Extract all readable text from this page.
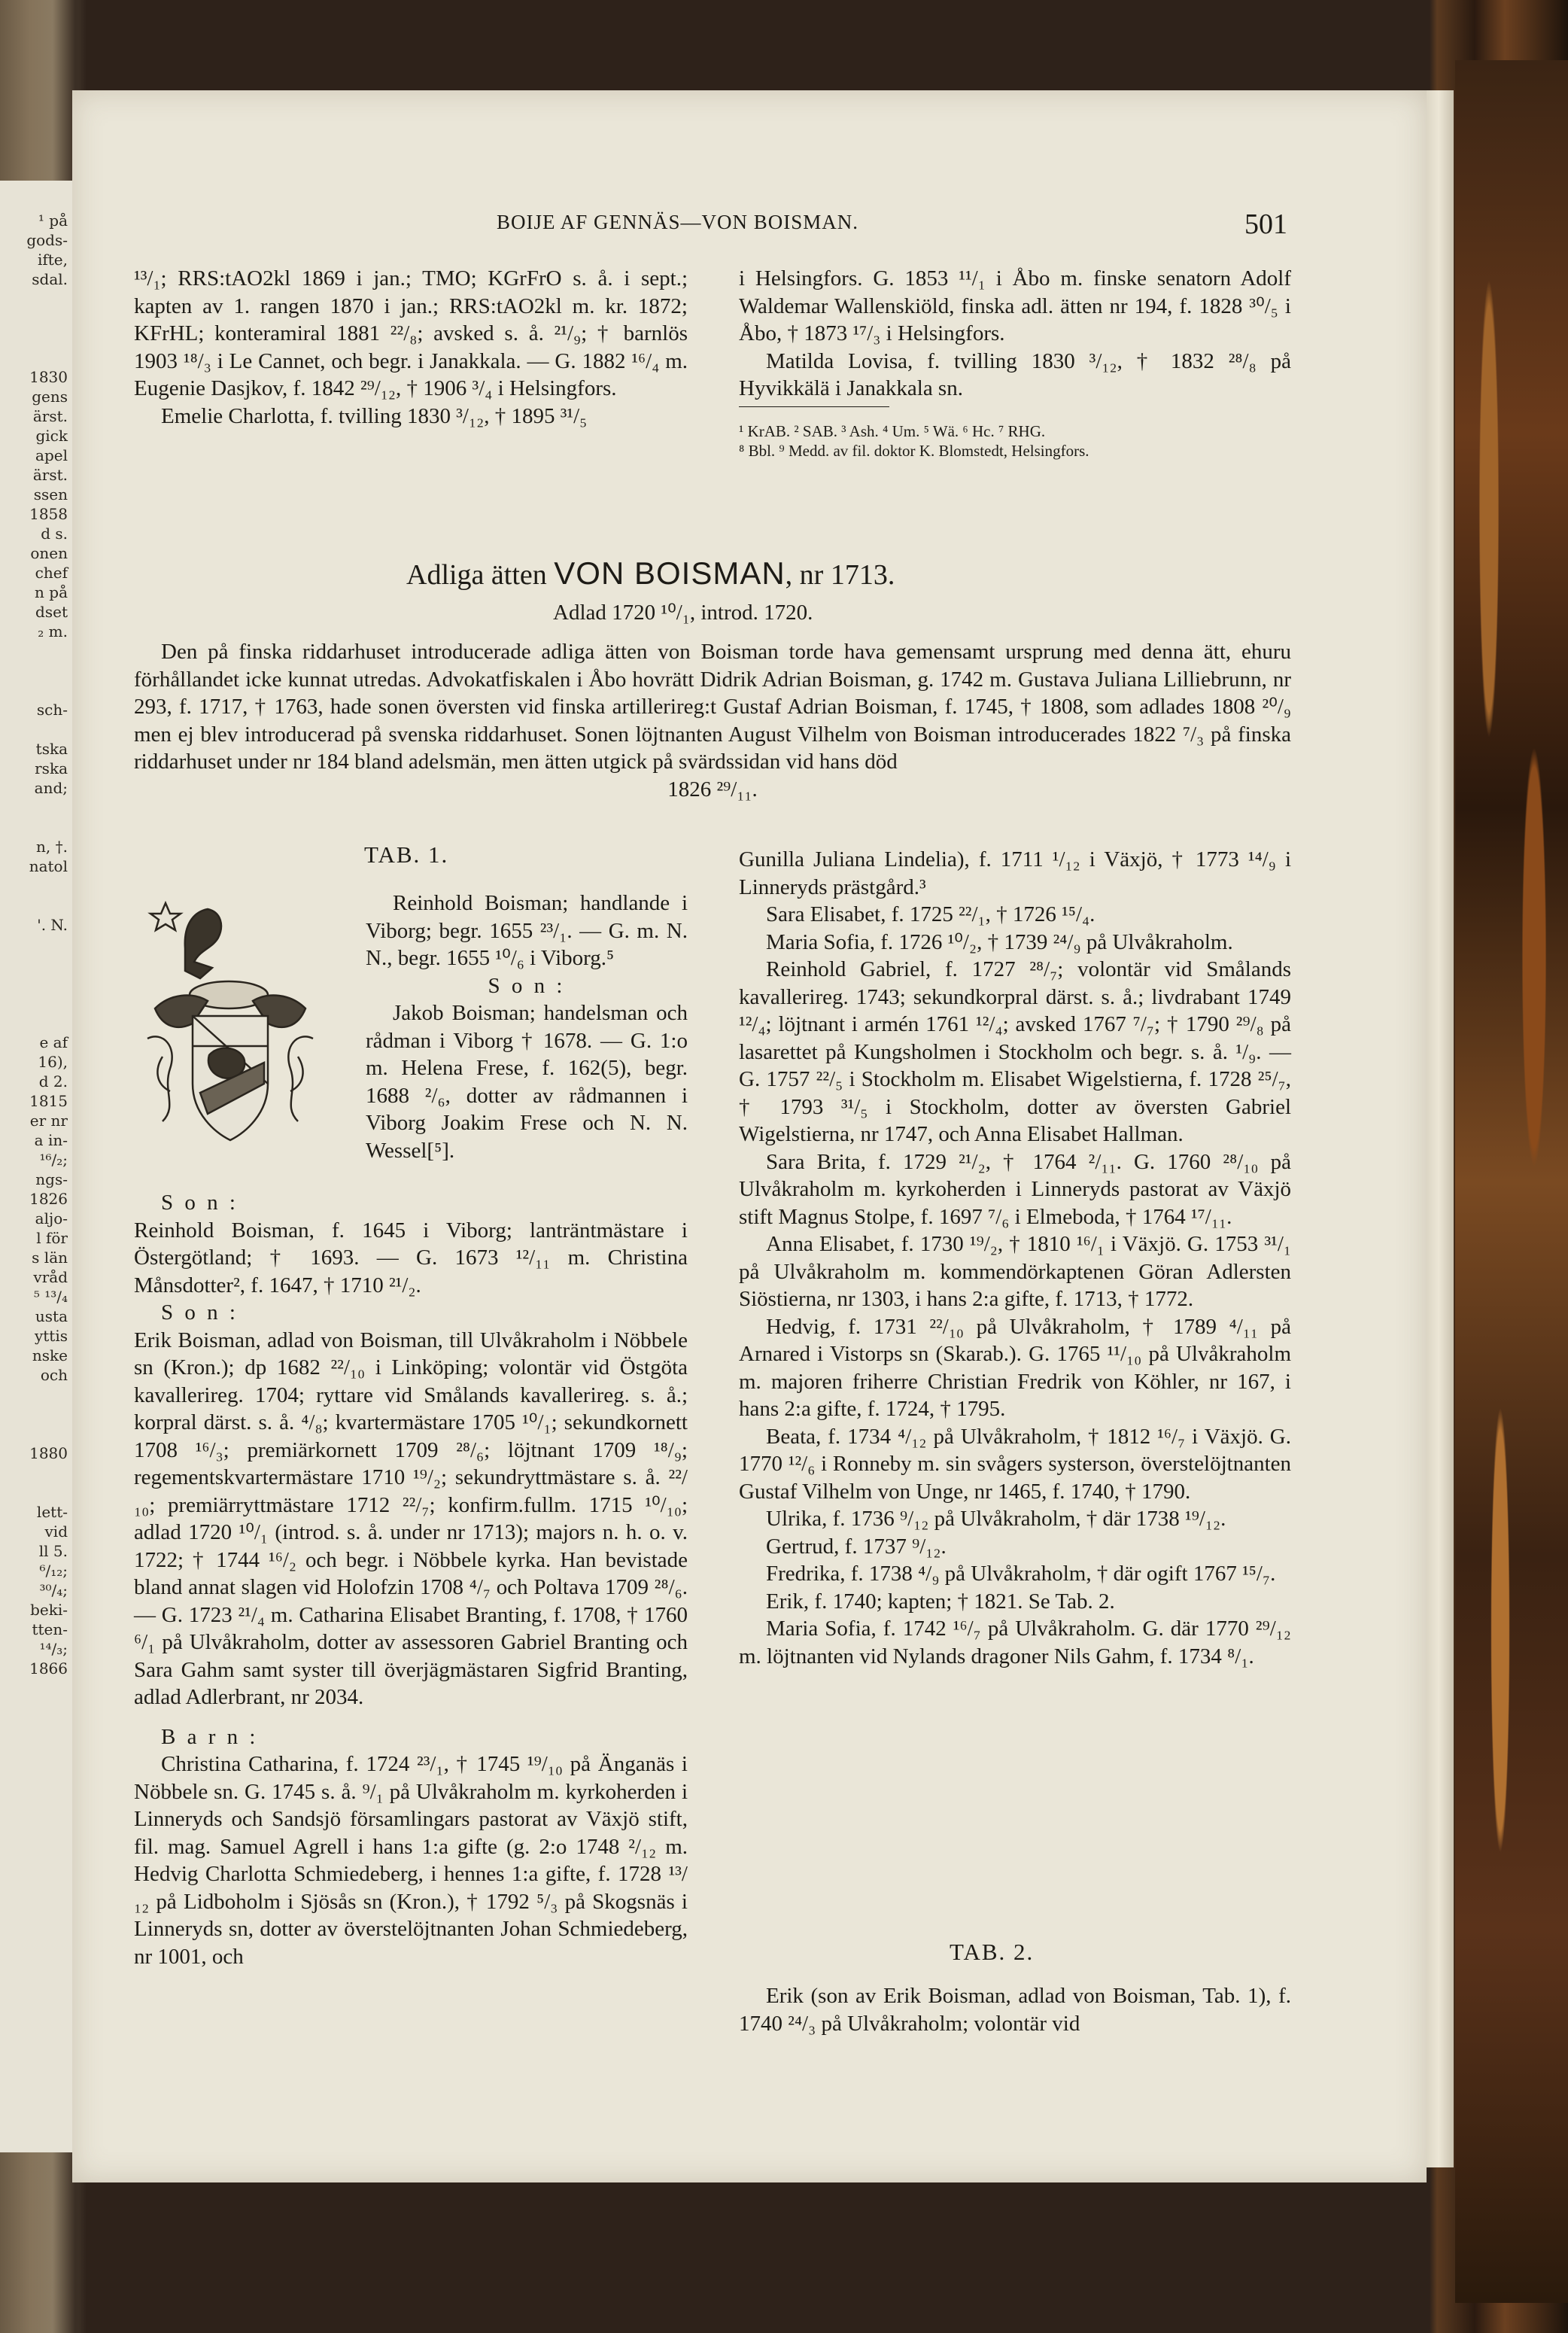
¹ på
gods-
ifte,
sdal.
1830
gens
ärst.
gick
apel
ärst.
ssen
1858
d s.
onen
chef
n på
dset
₂ m.
sch-
tska
rska
and;
n, †.
natol
'. N.
e af
16),
d 2.
1815
er nr
a in-
¹⁶/₂;
ngs-
1826
aljo-
l för
s län
vråd
⁵ ¹³/₄
usta
yttis
nske
och
1880
lett-
vid
ll 5.
⁶/₁₂;
³⁰/₄;
beki-
tten-
¹⁴/₃;
1866
BOIJE AF GENNÄS—VON BOISMAN.	501

¹³/₁; RRS:tAO2kl 1869 i jan.; TMO; KGrFrO s. å. i sept.; kapten av 1. rangen 1870 i jan.; RRS:tAO2kl m. kr. 1872; KFrHL; konteramiral 1881 ²²/₈; avsked s. å. ²¹/₉; † barnlös 1903 ¹⁸/₃ i Le Cannet, och begr. i Janakkala. — G. 1882 ¹⁶/₄ m. Eugenie Dasjkov, f. 1842 ²⁹/₁₂, † 1906 ³/₄ i Helsingfors.

Emelie Charlotta, f. tvilling 1830 ³/₁₂, † 1895 ³¹/₅

i Helsingfors. G. 1853 ¹¹/₁ i Åbo m. finske senatorn Adolf Waldemar Wallenskiöld, finska adl. ätten nr 194, f. 1828 ³⁰/₅ i Åbo, † 1873 ¹⁷/₃ i Helsingfors.

Matilda Lovisa, f. tvilling 1830 ³/₁₂, † 1832 ²⁸/₈ på Hyvikkälä i Janakkala sn.

¹ KrAB. ² SAB. ³ Ash. ⁴ Um. ⁵ Wä. ⁶ Hc. ⁷ RHG.
⁸ Bbl. ⁹ Medd. av fil. doktor K. Blomstedt, Helsingfors.
Adliga ätten VON BOISMAN, nr 1713.
Adlad 1720 ¹⁰/₁, introd. 1720.

Den på finska riddarhuset introducerade adliga ätten von Boisman torde hava gemensamt ursprung med denna ätt, ehuru förhållandet icke kunnat utredas. Advokatfiskalen i Åbo hovrätt Didrik Adrian Boisman, g. 1742 m. Gustava Juliana Lilliebrunn, nr 293, f. 1717, † 1763, hade sonen översten vid finska artillerireg:t Gustaf Adrian Boisman, f. 1745, † 1808, som adlades 1808 ²⁰/₉ men ej blev introducerad på svenska riddarhuset. Sonen löjtnanten August Vilhelm von Boisman introducerades 1822 ⁷/₃ på finska riddarhuset under nr 184 bland adelsmän, men ätten utgick på svärdssidan vid hans död

1826 ²⁹/₁₁.

TAB. 1.

Reinhold Boisman; handlande i Viborg; begr. 1655 ²³/₁. — G. m. N. N., begr. 1655 ¹⁰/₆ i Viborg.⁵

S o n :

Jakob Boisman; handelsman och rådman i Viborg † 1678. — G. 1:o m. Helena Frese, f. 162(5), begr. 1688 ²/₆, dotter av rådmannen i Viborg Joakim Frese och N. N. Wessel[⁵].

S o n :

Reinhold Boisman, f. 1645 i Viborg; lanträntmästare i Östergötland; † 1693. — G. 1673 ¹²/₁₁ m. Christina Månsdotter², f. 1647, † 1710 ²¹/₂.

S o n :

Erik Boisman, adlad von Boisman, till Ulvåkraholm i Nöbbele sn (Kron.); dp 1682 ²²/₁₀ i Linköping; volontär vid Östgöta kavallerireg. 1704; ryttare vid Smålands kavallerireg. s. å.; korpral därst. s. å. ⁴/₈; kvartermästare 1705 ¹⁰/₁; sekundkornett 1708 ¹⁶/₃; premiärkornett 1709 ²⁸/₆; löjtnant 1709 ¹⁸/₉; regementskvartermästare 1710 ¹⁹/₂; sekundryttmästare s. å. ²²/₁₀; premiärryttmästare 1712 ²²/₇; konfirm.fullm. 1715 ¹⁰/₁₀; adlad 1720 ¹⁰/₁ (introd. s. å. under nr 1713); majors n. h. o. v. 1722; † 1744 ¹⁶/₂ och begr. i Nöbbele kyrka. Han bevistade bland annat slagen vid Holofzin 1708 ⁴/₇ och Poltava 1709 ²⁸/₆. — G. 1723 ²¹/₄ m. Catharina Elisabet Branting, f. 1708, † 1760 ⁶/₁ på Ulvåkraholm, dotter av assessoren Gabriel Branting och Sara Gahm samt syster till överjägmästaren Sigfrid Branting, adlad Adlerbrant, nr 2034.

B a r n :

Christina Catharina, f. 1724 ²³/₁, † 1745 ¹⁹/₁₀ på Änganäs i Nöbbele sn. G. 1745 s. å. ⁹/₁ på Ulvåkraholm m. kyrkoherden i Linneryds och Sandsjö församlingars pastorat av Växjö stift, fil. mag. Samuel Agrell i hans 1:a gifte (g. 2:o 1748 ²/₁₂ m. Hedvig Charlotta Schmiedeberg, i hennes 1:a gifte, f. 1728 ¹³/₁₂ på Lidboholm i Sjösås sn (Kron.), † 1792 ⁵/₃ på Skogsnäs i Linneryds sn, dotter av överstelöjtnanten Johan Schmiedeberg, nr 1001, och

Gunilla Juliana Lindelia), f. 1711 ¹/₁₂ i Växjö, † 1773 ¹⁴/₉ i Linneryds prästgård.³

Sara Elisabet, f. 1725 ²²/₁, † 1726 ¹⁵/₄.

Maria Sofia, f. 1726 ¹⁰/₂, † 1739 ²⁴/₉ på Ulvåkraholm.

Reinhold Gabriel, f. 1727 ²⁸/₇; volontär vid Smålands kavallerireg. 1743; sekundkorpral därst. s. å.; livdrabant 1749 ¹²/₄; löjtnant i armén 1761 ¹²/₄; avsked 1767 ⁷/₇; † 1790 ²⁹/₈ på lasarettet på Kungsholmen i Stockholm och begr. s. å. ¹/₉. — G. 1757 ²²/₅ i Stockholm m. Elisabet Wigelstierna, f. 1728 ²⁵/₇, † 1793 ³¹/₅ i Stockholm, dotter av översten Gabriel Wigelstierna, nr 1747, och Anna Elisabet Hallman.

Sara Brita, f. 1729 ²¹/₂, † 1764 ²/₁₁. G. 1760 ²⁸/₁₀ på Ulvåkraholm m. kyrkoherden i Linneryds pastorat av Växjö stift Magnus Stolpe, f. 1697 ⁷/₆ i Elmeboda, † 1764 ¹⁷/₁₁.

Anna Elisabet, f. 1730 ¹⁹/₂, † 1810 ¹⁶/₁ i Växjö. G. 1753 ³¹/₁ på Ulvåkraholm m. kommendörkaptenen Göran Adlersten Siöstierna, nr 1303, i hans 2:a gifte, f. 1713, † 1772.

Hedvig, f. 1731 ²²/₁₀ på Ulvåkraholm, † 1789 ⁴/₁₁ på Arnared i Vistorps sn (Skarab.). G. 1765 ¹¹/₁₀ på Ulvåkraholm m. majoren friherre Christian Fredrik von Köhler, nr 167, i hans 2:a gifte, f. 1724, † 1795.

Beata, f. 1734 ⁴/₁₂ på Ulvåkraholm, † 1812 ¹⁶/₇ i Växjö. G. 1770 ¹²/₆ i Ronneby m. sin svågers systerson, överstelöjtnanten Gustaf Vilhelm von Unge, nr 1465, f. 1740, † 1790.

Ulrika, f. 1736 ⁹/₁₂ på Ulvåkraholm, † där 1738 ¹⁹/₁₂.

Gertrud, f. 1737 ⁹/₁₂.

Fredrika, f. 1738 ⁴/₉ på Ulvåkraholm, † där ogift 1767 ¹⁵/₇.

Erik, f. 1740; kapten; † 1821. Se Tab. 2.

Maria Sofia, f. 1742 ¹⁶/₇ på Ulvåkraholm. G. där 1770 ²⁹/₁₂ m. löjtnanten vid Nylands dragoner Nils Gahm, f. 1734 ⁸/₁.

TAB. 2.

Erik (son av Erik Boisman, adlad von Boisman, Tab. 1), f. 1740 ²⁴/₃ på Ulvåkraholm; volontär vid
